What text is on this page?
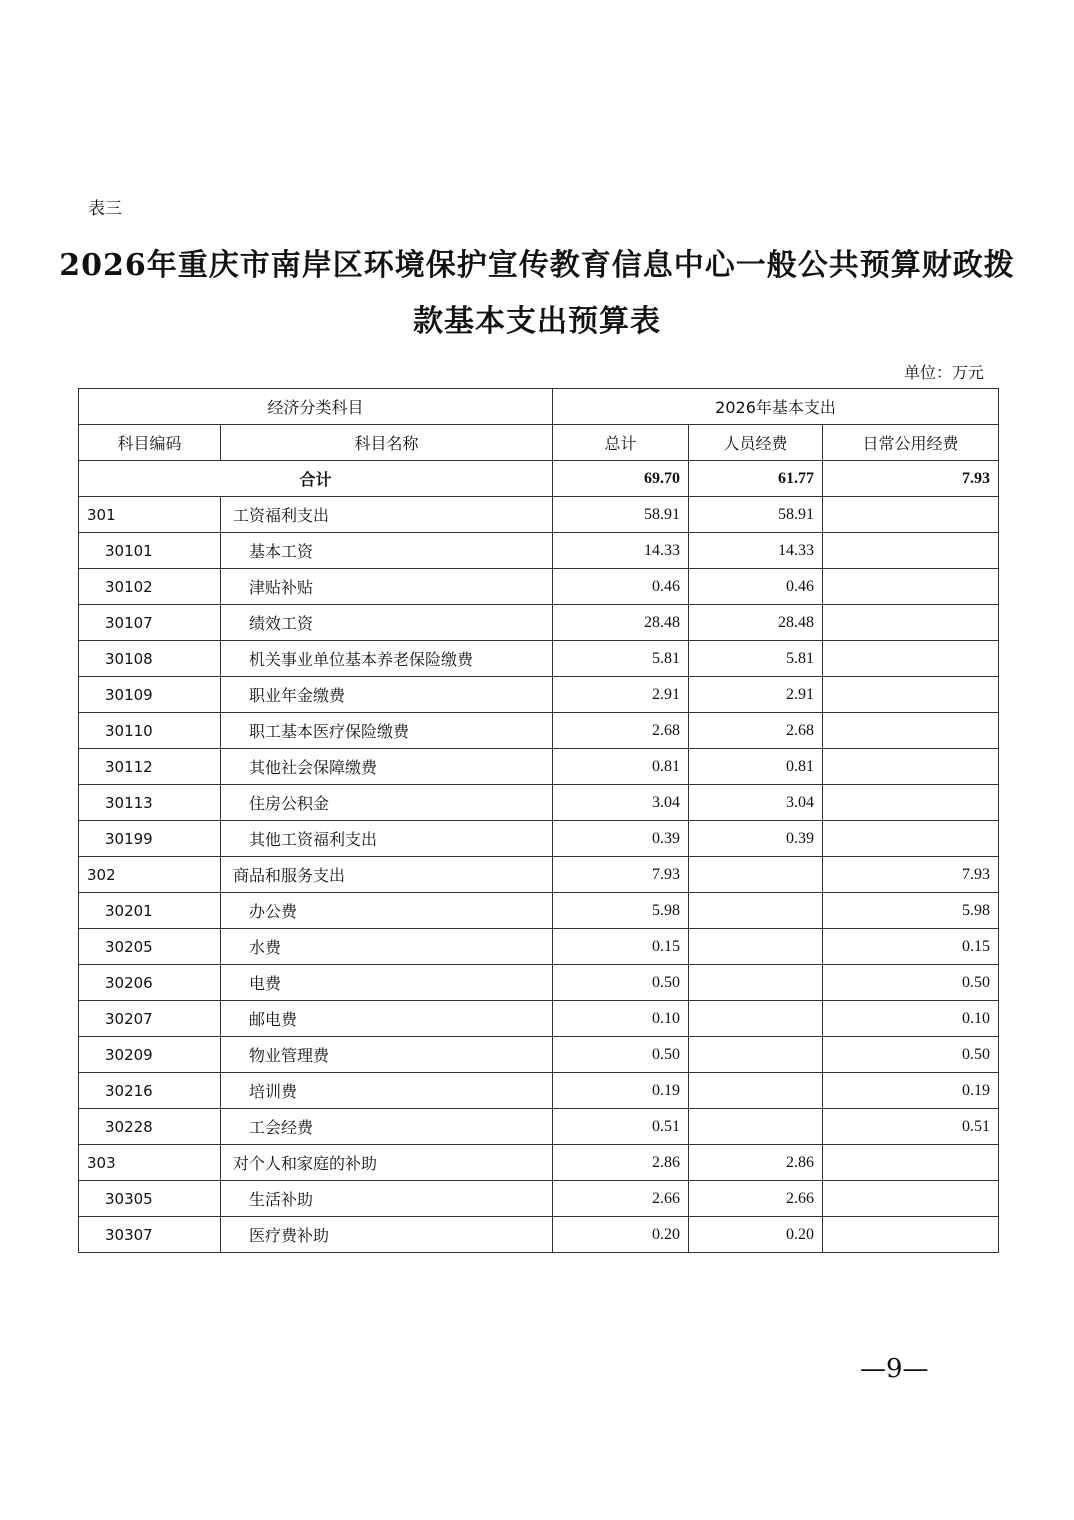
表三
2026年重庆市南岸区环境保护宣传教育信息中心一般公共预算财政拨
款基本支出预算表
单位：万元
经济分类科目		2026年基本支出		
科目编码	科目名称	总计	人员经费	日常公用经费
合计		69.70	61.77	7.93
301	工资福利支出	58.91	58.91	
30101	基本工资	14.33	14.33	
30102	津贴补贴	0.46	0.46	
30107	绩效工资	28.48	28.48	
30108	机关事业单位基本养老保险缴费	5.81	5.81	
30109	职业年金缴费	2.91	2.91	
30110	职工基本医疗保险缴费	2.68	2.68	
30112	其他社会保障缴费	0.81	0.81	
30113	住房公积金	3.04	3.04	
30199	其他工资福利支出	0.39	0.39	
302	商品和服务支出	7.93		7.93
30201	办公费	5.98		5.98
30205	水费	0.15		0.15
30206	电费	0.50		0.50
30207	邮电费	0.10		0.10
30209	物业管理费	0.50		0.50
30216	培训费	0.19		0.19
30228	工会经费	0.51		0.51
303	对个人和家庭的补助	2.86	2.86	
30305	生活补助	2.66	2.66	
30307	医疗费补助	0.20	0.20	
—9—
